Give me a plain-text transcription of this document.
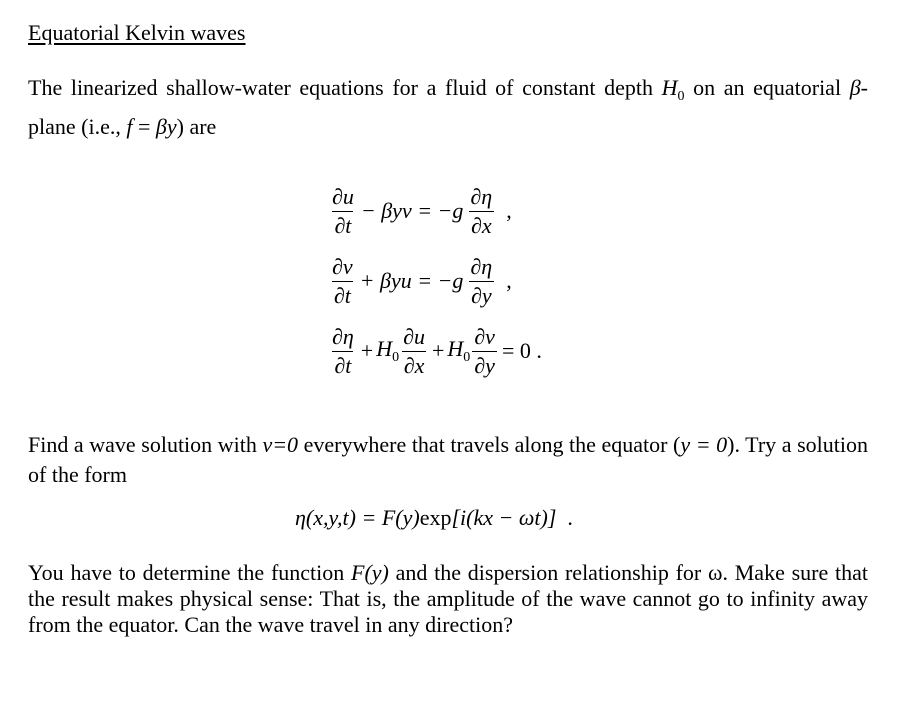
Equatorial Kelvin waves
The linearized shallow-water equations for a fluid of constant depth $H_0$ on an equatorial β-plane (i.e., f = βy) are
$\frac{\partial u}{\partial t} - \beta yv = -g \frac{\partial\eta}{\partial x}$ ,
$\frac{\partial v}{\partial t} + \beta yu = -g \frac{\partial\eta}{\partial y}$ ,
$\frac{\partial\eta}{\partial t} + H_0 \frac{\partial u}{\partial x} + H_0 \frac{\partial v}{\partial y} = 0$ .
Find a wave solution with v=0 everywhere that travels along the equator (y = 0). Try a solution of the form
η(x,y,t) = F(y)exp[i(kx − ωt)]  .
You have to determine the function F(y) and the dispersion relationship for ω. Make sure that the result makes physical sense: That is, the amplitude of the wave cannot go to infinity away from the equator. Can the wave travel in any direction?
